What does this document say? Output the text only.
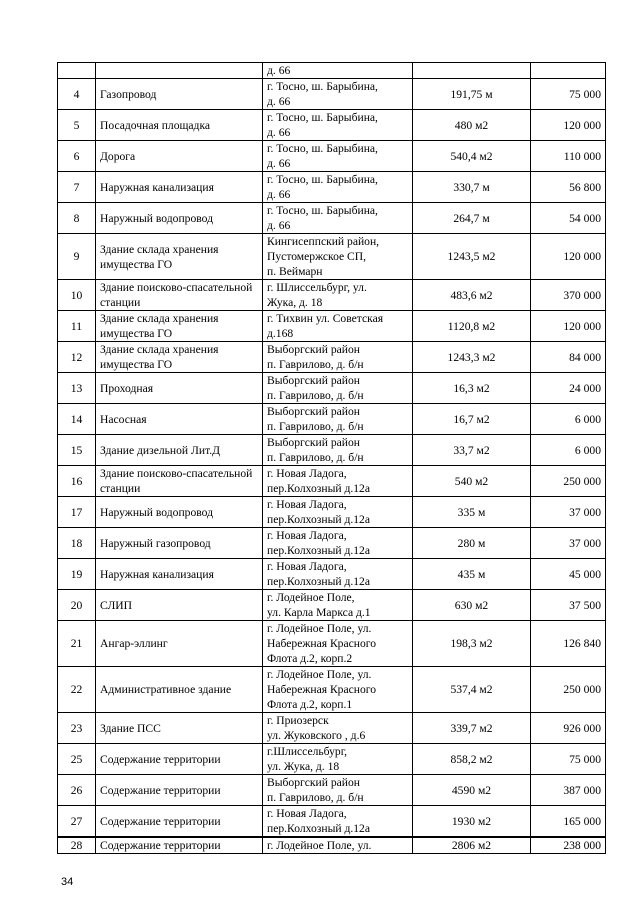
		д. 66		
4	Газопровод	г. Тосно, ш. Барыбина,
д. 66	191,75 м	75 000
5	Посадочная площадка	г. Тосно, ш. Барыбина,
д. 66	480 м2	120 000
6	Дорога	г. Тосно, ш. Барыбина,
д. 66	540,4 м2	110 000
7	Наружная канализация	г. Тосно, ш. Барыбина,
д. 66	330,7 м	56 800
8	Наружный водопровод	г. Тосно, ш. Барыбина,
д. 66	264,7 м	54 000
9	Здание склада хранения имущества ГО	Кингисеппский район,
Пустомержское СП,
п. Веймарн	1243,5 м2	120 000
10	Здание поисково-спасательной станции	г. Шлиссельбург, ул.
Жука, д. 18	483,6 м2	370 000
11	Здание склада хранения имущества ГО	г. Тихвин ул. Советская
д.168	1120,8 м2	120 000
12	Здание склада хранения имущества ГО	Выборгский район
п. Гаврилово, д. б/н	1243,3 м2	84 000
13	Проходная	Выборгский район
п. Гаврилово, д. б/н	16,3 м2	24 000
14	Насосная	Выборгский район
п. Гаврилово, д. б/н	16,7 м2	6 000
15	Здание дизельной Лит.Д	Выборгский район
п. Гаврилово, д. б/н	33,7 м2	6 000
16	Здание поисково-спасательной станции	г. Новая Ладога,
пер.Колхозный д.12а	540 м2	250 000
17	Наружный водопровод	г. Новая Ладога,
пер.Колхозный д.12а	335 м	37 000
18	Наружный газопровод	г. Новая Ладога,
пер.Колхозный д.12а	280 м	37 000
19	Наружная канализация	г. Новая Ладога,
пер.Колхозный д.12а	435 м	45 000
20	СЛИП	г. Лодейное Поле,
ул. Карла Маркса д.1	630 м2	37 500
21	Ангар-эллинг	г. Лодейное Поле, ул.
Набережная Красного
Флота д.2, корп.2	198,3 м2	126 840
22	Административное здание	г. Лодейное Поле, ул.
Набережная Красного
Флота д.2, корп.1	537,4 м2	250 000
23	Здание ПСС	г. Приозерск
ул. Жуковского , д.6	339,7 м2	926 000
25	Содержание территории	г.Шлиссельбург,
ул. Жука, д. 18	858,2 м2	75 000
26	Содержание территории	Выборгский район
п. Гаврилово, д. б/н	4590 м2	387 000
27	Содержание территории	г. Новая Ладога,
пер.Колхозный д.12а	1930 м2	165 000
28	Содержание территории	г. Лодейное Поле, ул.	2806 м2	238 000
34
